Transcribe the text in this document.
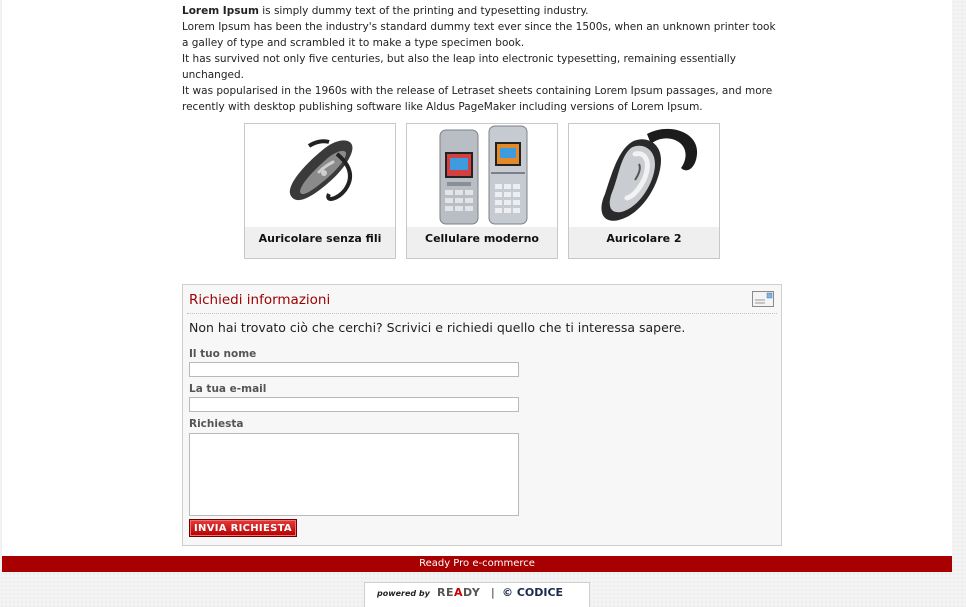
Lorem Ipsum is simply dummy text of the printing and typesetting industry.

Lorem Ipsum has been the industry's standard dummy text ever since the 1500s, when an unknown printer took a galley of type and scrambled it to make a type specimen book.

It has survived not only five centuries, but also the leap into electronic typesetting, remaining essentially unchanged.

It was popularised in the 1960s with the release of Letraset sheets containing Lorem Ipsum passages, and more recently with desktop publishing software like Aldus PageMaker including versions of Lorem Ipsum.

Auricolare senza fili	Cellulare moderno	Auricolare 2
Richiedi informazioni
Non hai trovato ciò che cerchi? Scrivici e richiedi quello che ti interessa sapere.
Il tuo nome
La tua e-mail
Richiesta
INVIA RICHIESTA
Ready Pro e-commerce
powered by READY | © CODICE
